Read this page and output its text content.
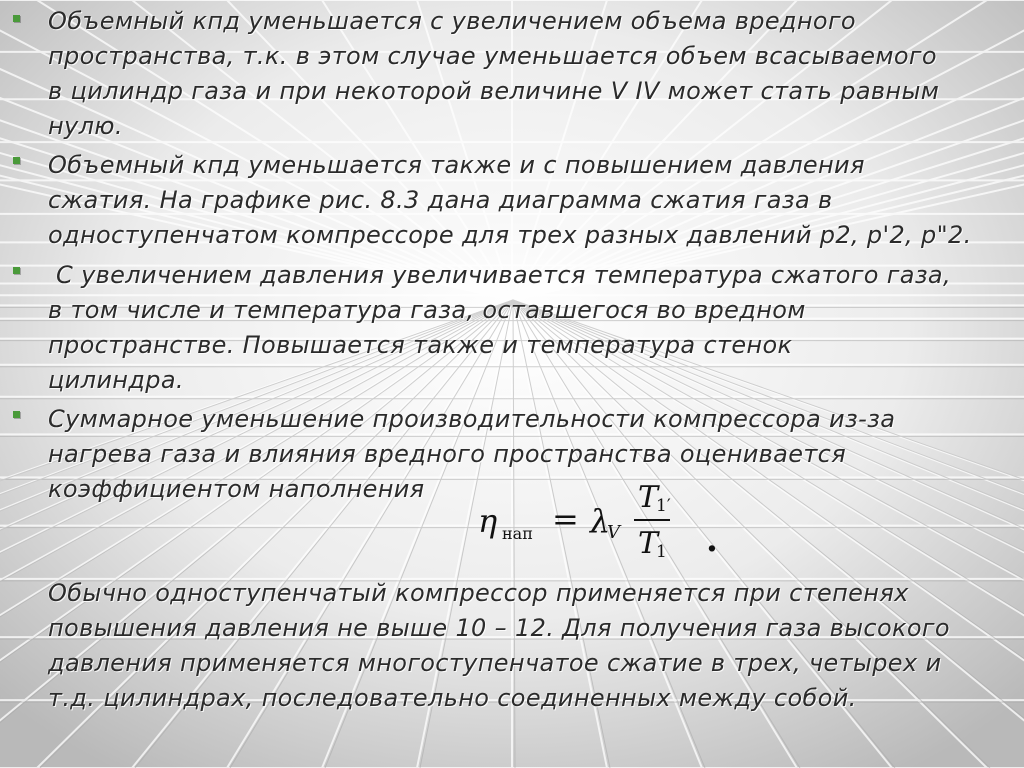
Объемный кпд уменьшается с увеличением объема вредного
пространства, т.к. в этом случае уменьшается объем всасываемого
в цилиндр газа и при некоторой величине V IV может стать равным
нулю.
Объемный кпд уменьшается также и с повышением давления
сжатия. На графике рис. 8.3 дана диаграмма сжатия газа в
одноступенчатом компрессоре для трех разных давлений p2, p'2, p"2.
С увеличением давления увеличивается температура сжатого газа,
в том числе и температура газа, оставшегося во вредном
пространстве. Повышается также и температура стенок
цилиндра.
Суммарное уменьшение производительности компрессора из-за
нагрева газа и влияния вредного пространства оценивается
коэффициентом наполнения
η нап = λ
V
T
1′
T
1 .
Обычно одноступенчатый компрессор применяется при степенях
повышения давления не выше 10 – 12. Для получения газа высокого
давления применяется многоступенчатое сжатие в трех, четырех и
т.д. цилиндрах, последовательно соединенных между собой.
